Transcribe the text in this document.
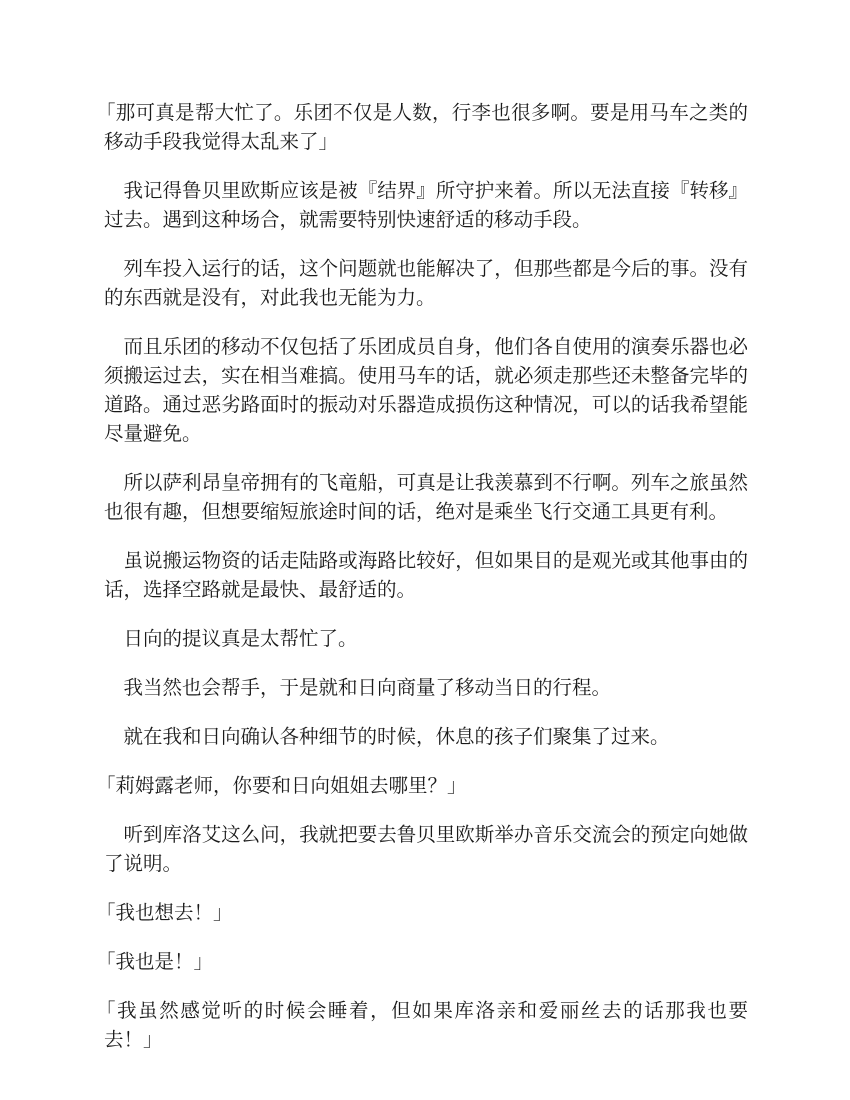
「那可真是帮大忙了。乐团不仅是人数，行李也很多啊。要是用马车之类的移动手段我觉得太乱来了」

我记得鲁贝里欧斯应该是被『结界』所守护来着。所以无法直接『转移』过去。遇到这种场合，就需要特别快速舒适的移动手段。

列车投入运行的话，这个问题就也能解决了，但那些都是今后的事。没有的东西就是没有，对此我也无能为力。

而且乐团的移动不仅包括了乐团成员自身，他们各自使用的演奏乐器也必须搬运过去，实在相当难搞。使用马车的话，就必须走那些还未整备完毕的道路。通过恶劣路面时的振动对乐器造成损伤这种情况，可以的话我希望能尽量避免。

所以萨利昂皇帝拥有的飞竜船，可真是让我羡慕到不行啊。列车之旅虽然也很有趣，但想要缩短旅途时间的话，绝对是乘坐飞行交通工具更有利。

虽说搬运物资的话走陆路或海路比较好，但如果目的是观光或其他事由的话，选择空路就是最快、最舒适的。

日向的提议真是太帮忙了。

我当然也会帮手，于是就和日向商量了移动当日的行程。

就在我和日向确认各种细节的时候，休息的孩子们聚集了过来。

「莉姆露老师，你要和日向姐姐去哪里？」

听到库洛艾这么问，我就把要去鲁贝里欧斯举办音乐交流会的预定向她做了说明。

「我也想去！」

「我也是！」

「我虽然感觉听的时候会睡着，但如果库洛亲和爱丽丝去的话那我也要去！」
